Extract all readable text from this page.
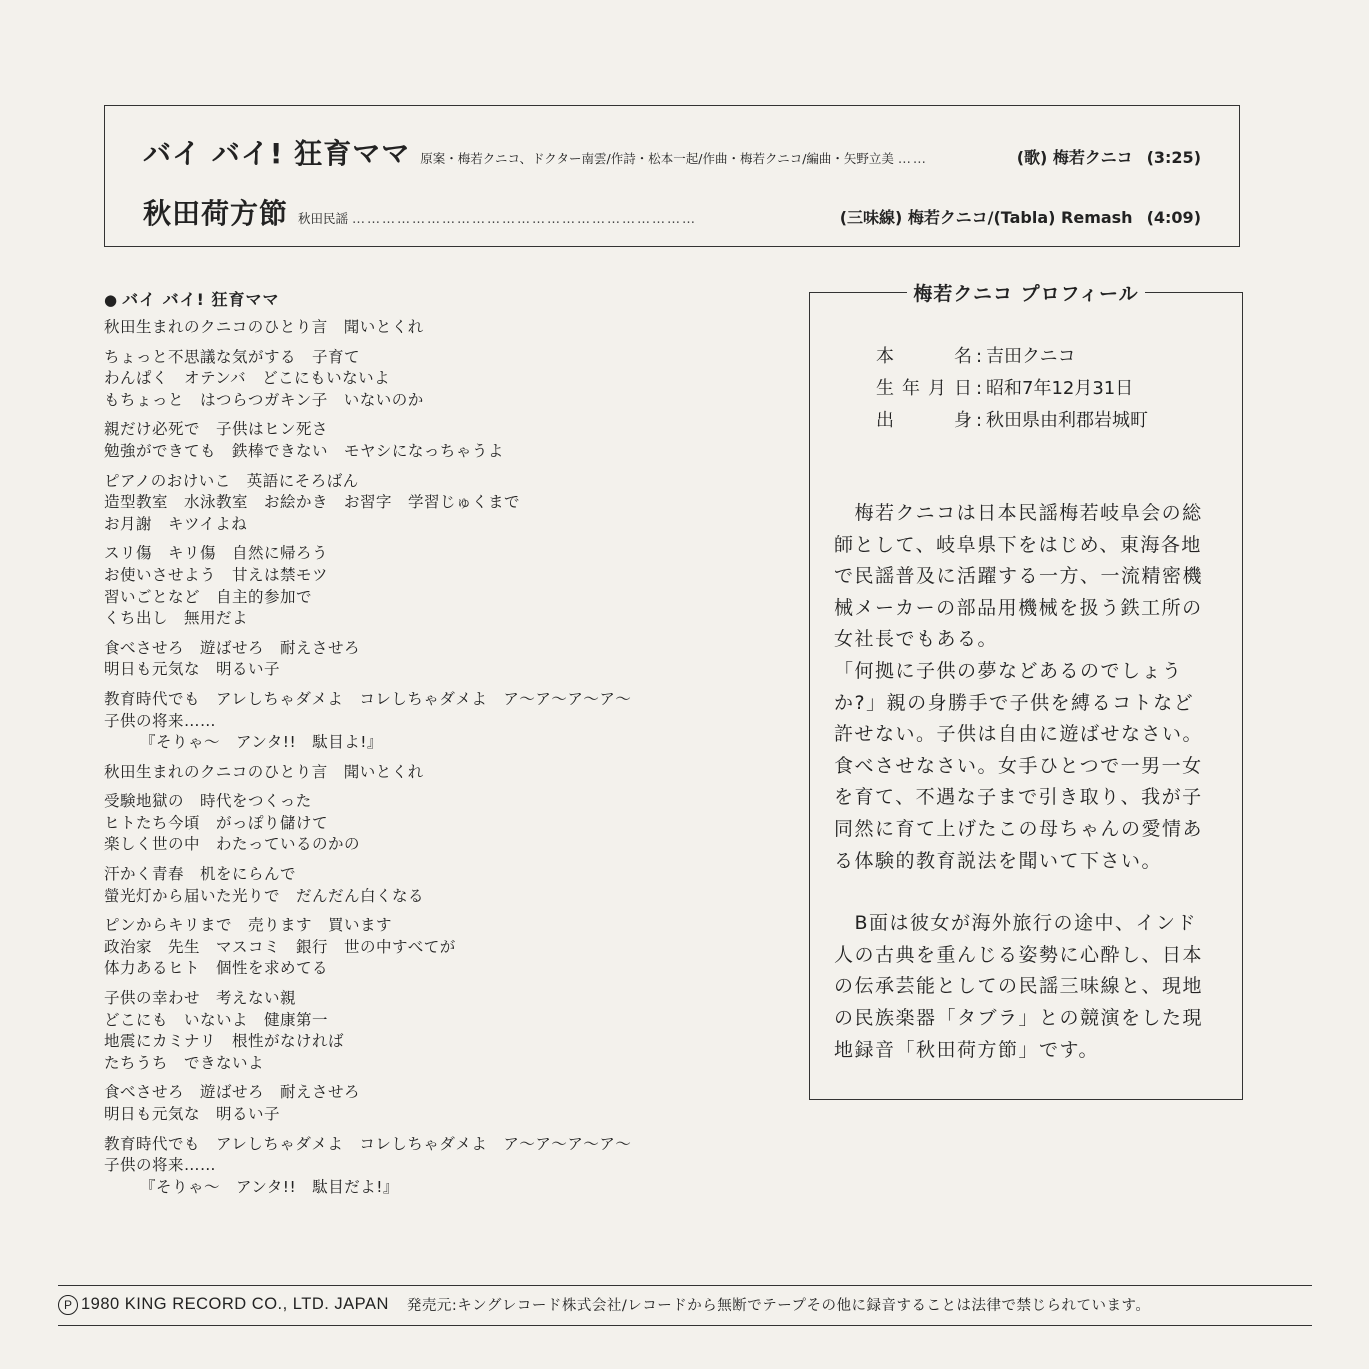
バイ バイ! 狂育ママ 原案・梅若クニコ、ドクター南雲/作詩・松本一起/作曲・梅若クニコ/編曲・矢野立美 ……	(歌) 梅若クニコ (3:25)
秋田荷方節 秋田民謡 ……………………………………………………………	(三味線) 梅若クニコ/(Tabla) Remash (4:09)
● バイ バイ! 狂育ママ
秋田生まれのクニコのひとり言　聞いとくれ
ちょっと不思議な気がする　子育て
わんぱく　オテンバ　どこにもいないよ
もちょっと　はつらつガキン子　いないのか
親だけ必死で　子供はヒン死さ
勉強ができても　鉄棒できない　モヤシになっちゃうよ
ピアノのおけいこ　英語にそろばん
造型教室　水泳教室　お絵かき　お習字　学習じゅくまで
お月謝　キツイよね
スリ傷　キリ傷　自然に帰ろう
お使いさせよう　甘えは禁モツ
習いごとなど　自主的参加で
くち出し　無用だよ
食べさせろ　遊ばせろ　耐えさせろ
明日も元気な　明るい子
教育時代でも　アレしちゃダメよ　コレしちゃダメよ　ア〜ア〜ア〜ア〜
子供の将来……
『そりゃ〜　アンタ!!　駄目よ!』
秋田生まれのクニコのひとり言　聞いとくれ
受験地獄の　時代をつくった
ヒトたち今頃　がっぽり儲けて
楽しく世の中　わたっているのかの
汗かく青春　机をにらんで
螢光灯から届いた光りで　だんだん白くなる
ピンからキリまで　売ります　買います
政治家　先生　マスコミ　銀行　世の中すべてが
体力あるヒト　個性を求めてる
子供の幸わせ　考えない親
どこにも　いないよ　健康第一
地震にカミナリ　根性がなければ
たちうち　できないよ
食べさせろ　遊ばせろ　耐えさせろ
明日も元気な　明るい子
教育時代でも　アレしちゃダメよ　コレしちゃダメよ　ア〜ア〜ア〜ア〜
子供の将来……
『そりゃ〜　アンタ!!　駄目だよ!』
梅若クニコ プロフィール
本	名 : 吉田クニコ
生 年 月 日 : 昭和7年12月31日
出	身 : 秋田県由利郡岩城町
　梅若クニコは日本民謡梅若岐阜会の総
師として、岐阜県下をはじめ、東海各地
で民謡普及に活躍する一方、一流精密機
械メーカーの部品用機械を扱う鉄工所の
女社長でもある。
「何拠に子供の夢などあるのでしょう
か?」親の身勝手で子供を縛るコトなど
許せない。子供は自由に遊ばせなさい。
食べさせなさい。女手ひとつで一男一女
を育て、不遇な子まで引き取り、我が子
同然に育て上げたこの母ちゃんの愛情あ
る体験的教育説法を聞いて下さい。
　B面は彼女が海外旅行の途中、インド
人の古典を重んじる姿勢に心酔し、日本
の伝承芸能としての民謡三味線と、現地
の民族楽器「タブラ」との競演をした現
地録音「秋田荷方節」です。
P 1980 KING RECORD CO., LTD. JAPAN 発売元:キングレコード株式会社/レコードから無断でテープその他に録音することは法律で禁じられています。
